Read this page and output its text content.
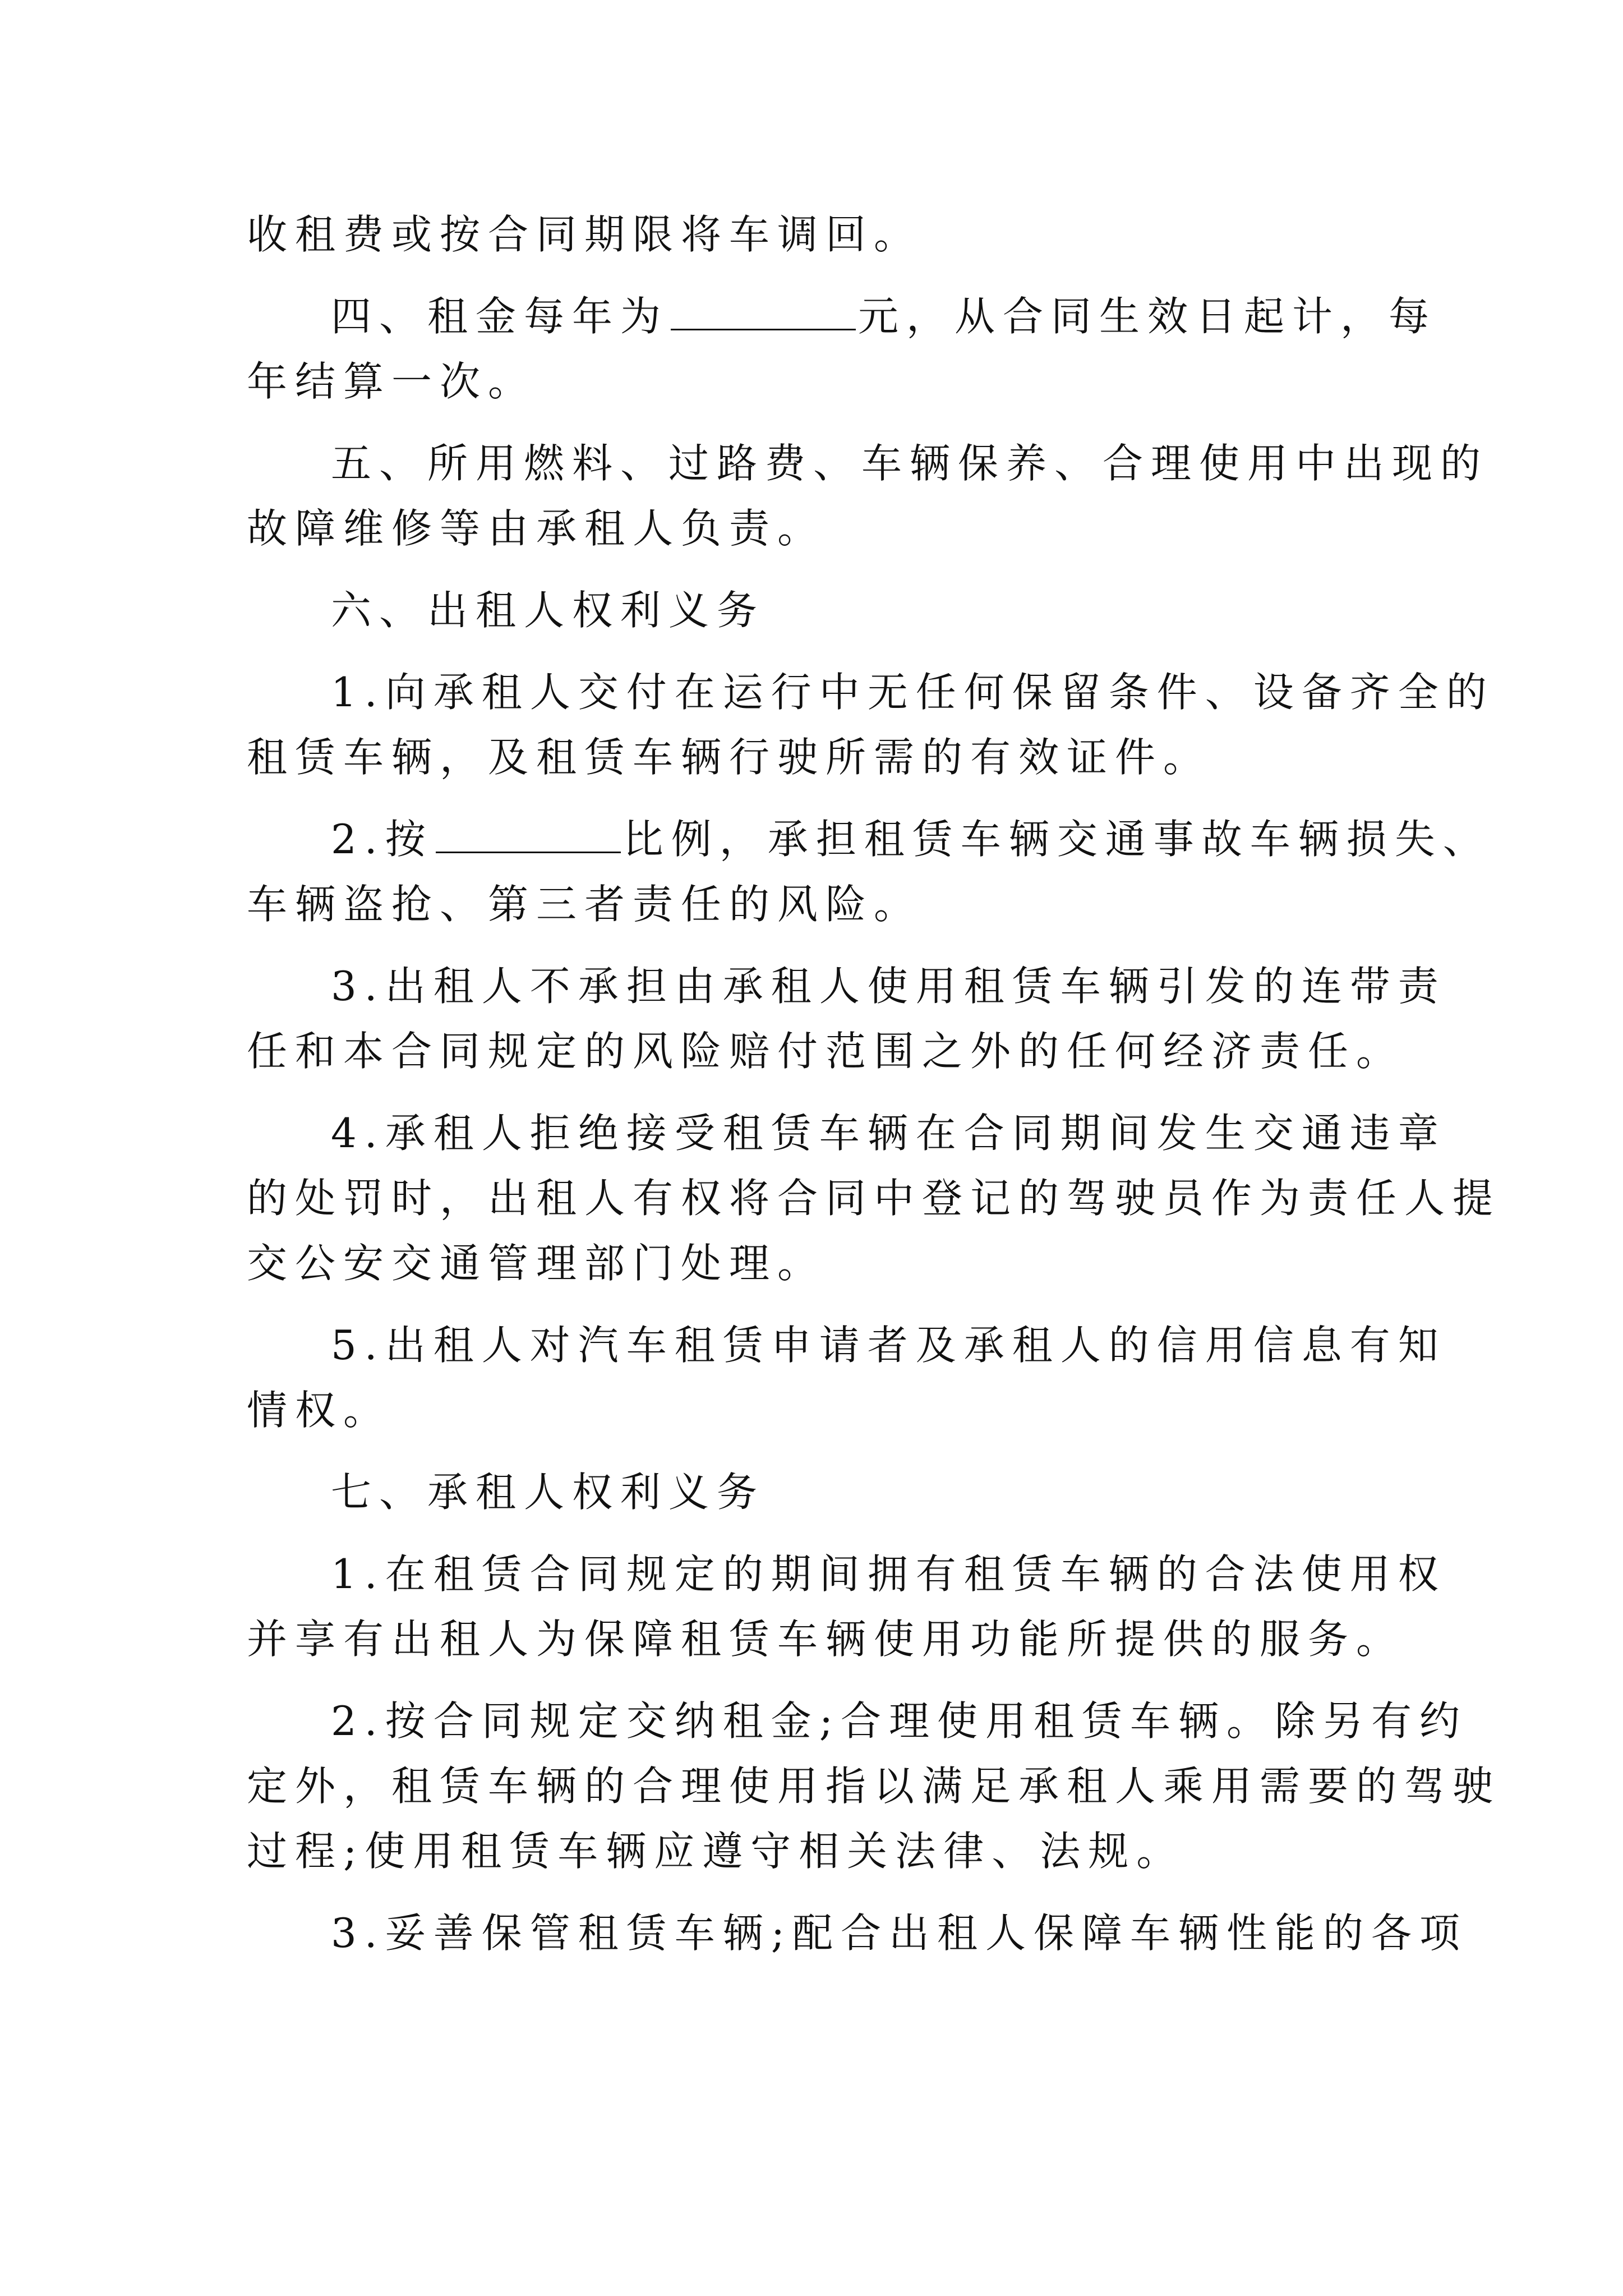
收租费或按合同期限将车调回。

四、租金每年为	元，从合同生效日起计，每
年结算一次。

五、所用燃料、过路费、车辆保养、合理使用中出现的
故障维修等由承租人负责。

六、出租人权利义务

1.向承租人交付在运行中无任何保留条件、设备齐全的
租赁车辆，及租赁车辆行驶所需的有效证件。

2.按	比例，承担租赁车辆交通事故车辆损失、
车辆盗抢、第三者责任的风险。

3.出租人不承担由承租人使用租赁车辆引发的连带责
任和本合同规定的风险赔付范围之外的任何经济责任。

4.承租人拒绝接受租赁车辆在合同期间发生交通违章
的处罚时，出租人有权将合同中登记的驾驶员作为责任人提
交公安交通管理部门处理。

5.出租人对汽车租赁申请者及承租人的信用信息有知
情权。

七、承租人权利义务

1.在租赁合同规定的期间拥有租赁车辆的合法使用权
并享有出租人为保障租赁车辆使用功能所提供的服务。

2.按合同规定交纳租金;合理使用租赁车辆。除另有约
定外，租赁车辆的合理使用指以满足承租人乘用需要的驾驶
过程;使用租赁车辆应遵守相关法律、法规。

3.妥善保管租赁车辆;配合出租人保障车辆性能的各项
